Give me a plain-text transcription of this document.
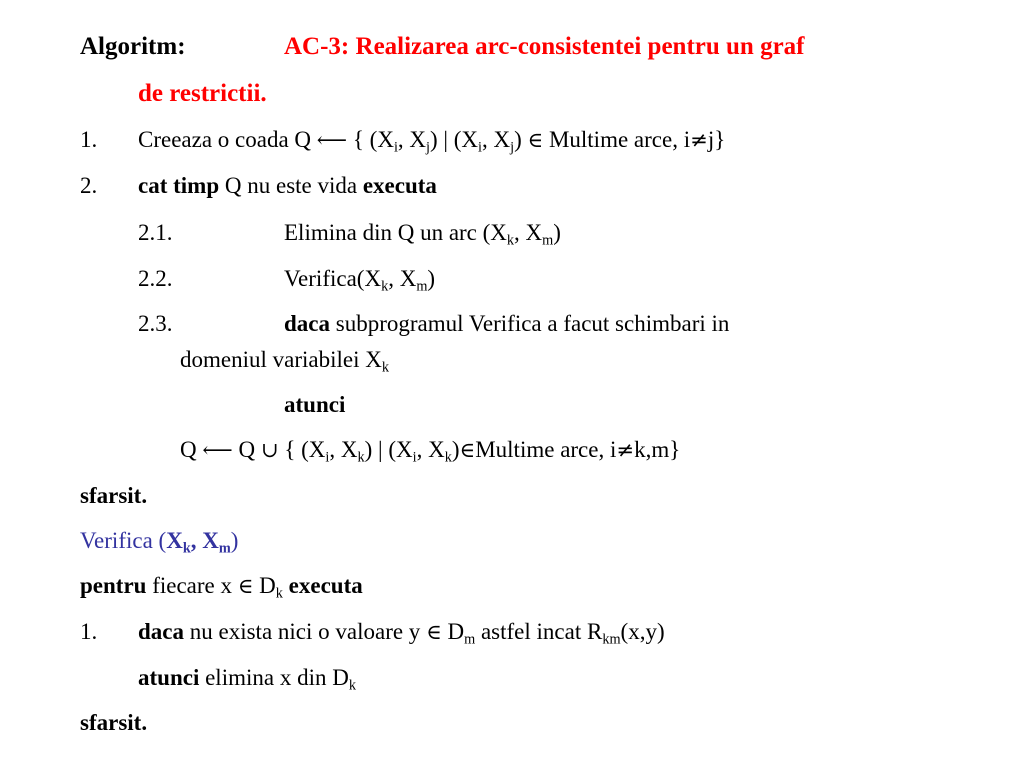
Algoritm:	AC-3: Realizarea arc-consistentei pentru un graf
de restrictii.
1. Creeaza o coada Q ⟵ { ($X_i$, $X_j$) | ($X_i$, $X_j$) ∈ Multime arce, i≠j}
2. cat timp Q nu este vida executa
2.1.	Elimina din Q un arc ($X_k$, $X_m$)
2.2.	$Verifica(X_k$, $X_m$)
2.3.	daca subprogramul Verifica a facut schimbari in
domeniul variabilei $X_k$
atunci
Q ⟵ Q ∪ { ($X_i$, $X_k$) | ($X_i$, $X_k)\in Multime$ arce, i≠k,m}
sfarsit.
Verifica ($X_k$, $X_m$)
pentru fiecare x ∈ $D_k$ executa
1. daca nu exista nici o valoare y ∈ $D_m$ astfel incat $R_{km}(x,y)$
atunci elimina x din $D_k$
sfarsit.
